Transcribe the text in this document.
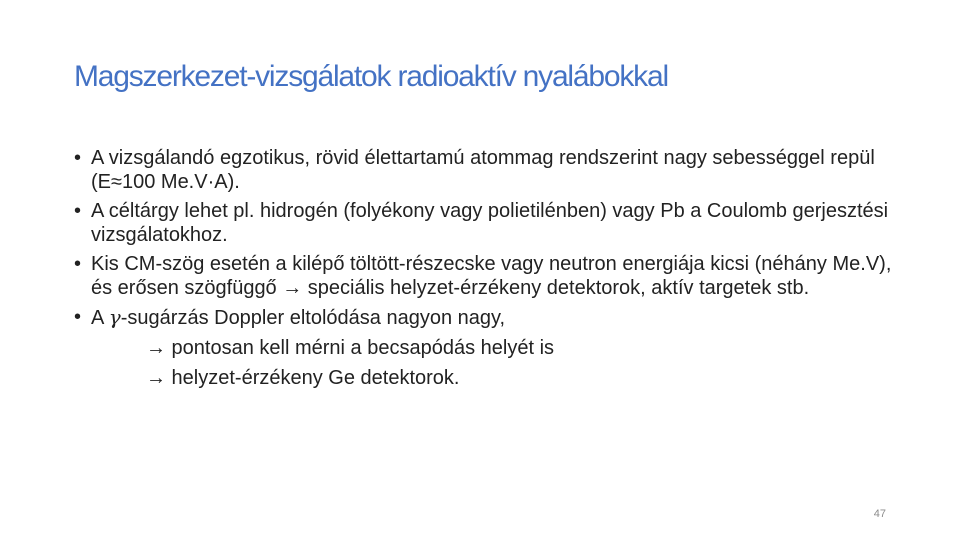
Magszerkezet-vizsgálatok radioaktív nyalábokkal
• A vizsgálandó egzotikus, rövid élettartamú atommag rendszerint nagy sebességgel repül (E≈100 Me.V·A).
• A céltárgy lehet pl. hidrogén (folyékony vagy polietilénben) vagy Pb a Coulomb gerjesztési vizsgálatokhoz.
• Kis CM-szög esetén a kilépő töltött-részecske vagy neutron energiája kicsi (néhány Me.V), és erősen szögfüggő → speciális helyzet-érzékeny detektorok, aktív targetek stb.
• A γ-sugárzás Doppler eltolódása nagyon nagy,
→ pontosan kell mérni a becsapódás helyét is
→ helyzet-érzékeny Ge detektorok.
47
